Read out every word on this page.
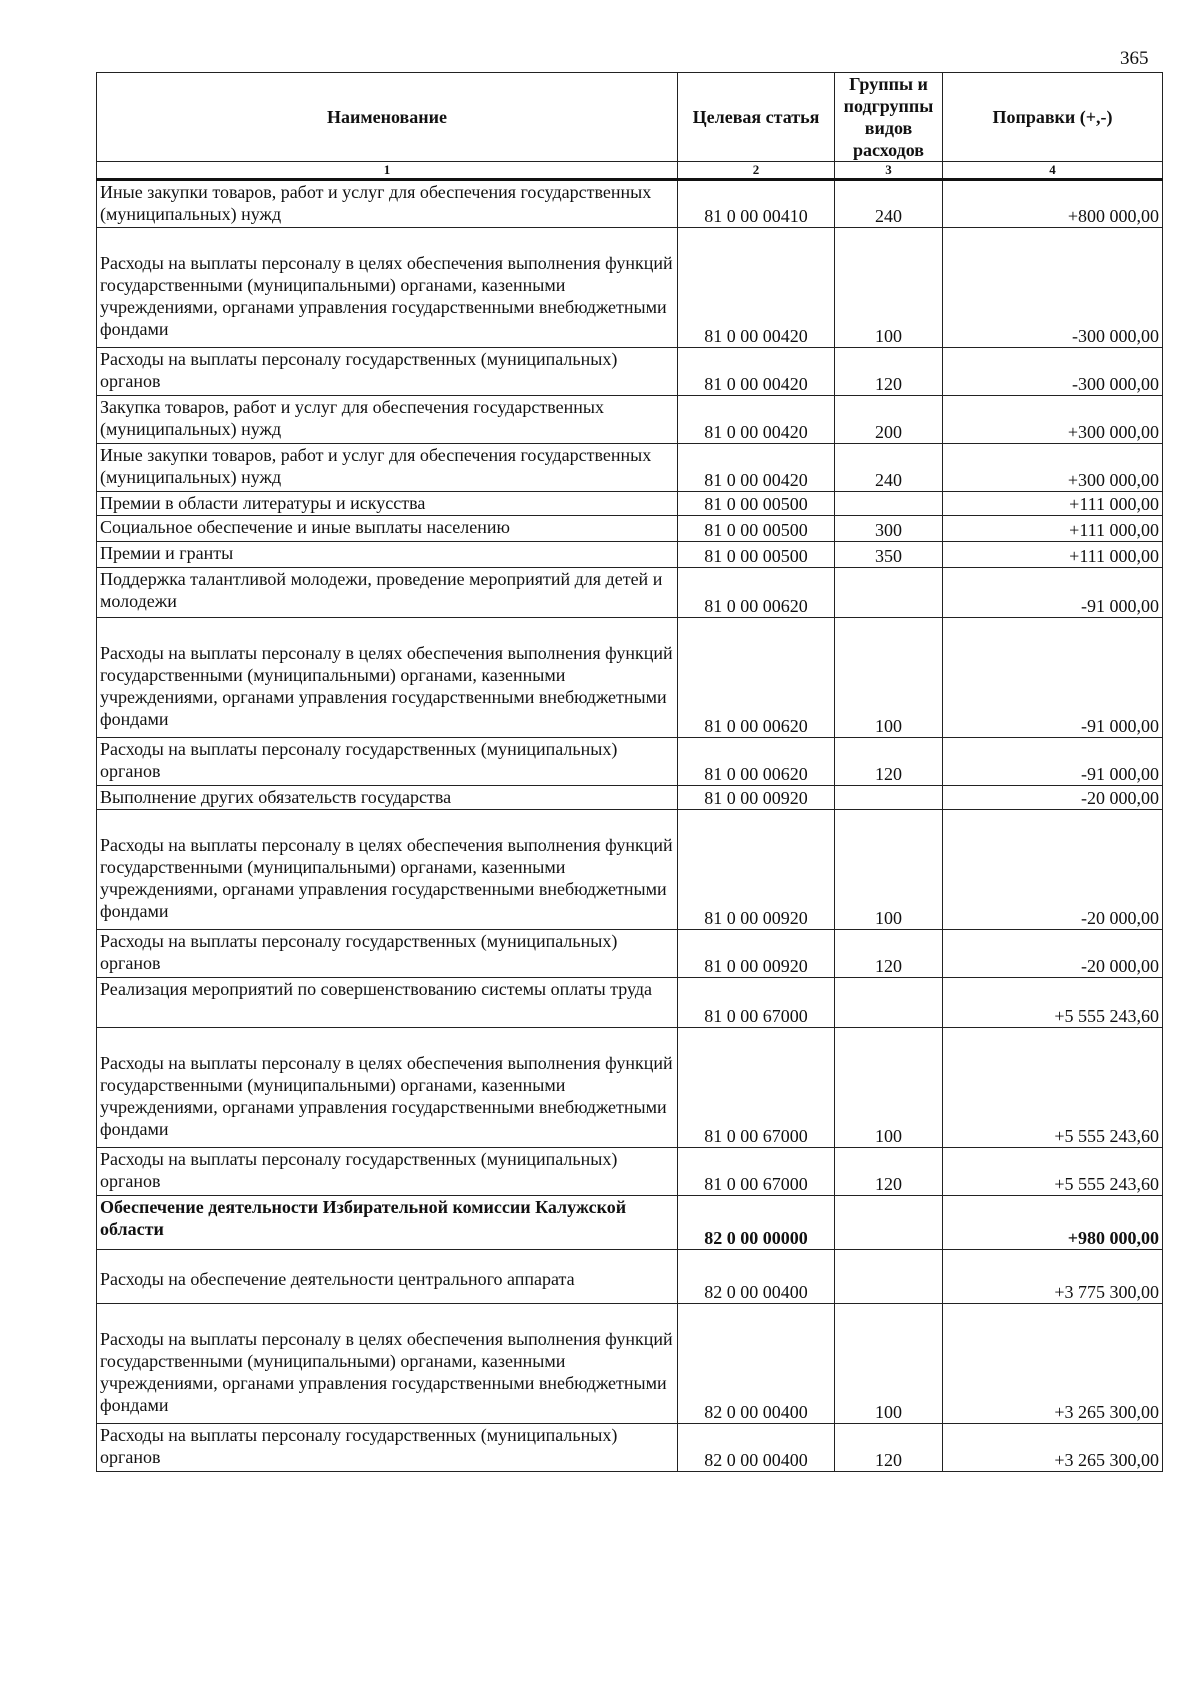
365
Наименование	Целевая статья	Группы и подгруппы видов расходов	Поправки (+,-)
1	2	3	4
Иные закупки товаров, работ и услуг для обеспечения государственных (муниципальных) нужд	81 0 00 00410	240	+800 000,00
Расходы на выплаты персоналу в целях обеспечения выполнения функций государственными (муниципальными) органами, казенными учреждениями, органами управления государственными внебюджетными фондами	81 0 00 00420	100	-300 000,00
Расходы на выплаты персоналу государственных (муниципальных) органов	81 0 00 00420	120	-300 000,00
Закупка товаров, работ и услуг для обеспечения государственных (муниципальных) нужд	81 0 00 00420	200	+300 000,00
Иные закупки товаров, работ и услуг для обеспечения государственных (муниципальных) нужд	81 0 00 00420	240	+300 000,00
Премии в области литературы и искусства	81 0 00 00500		+111 000,00
Социальное обеспечение и иные выплаты населению	81 0 00 00500	300	+111 000,00
Премии и гранты	81 0 00 00500	350	+111 000,00
Поддержка талантливой молодежи, проведение мероприятий для детей и молодежи	81 0 00 00620		-91 000,00
Расходы на выплаты персоналу в целях обеспечения выполнения функций государственными (муниципальными) органами, казенными учреждениями, органами управления государственными внебюджетными фондами	81 0 00 00620	100	-91 000,00
Расходы на выплаты персоналу государственных (муниципальных) органов	81 0 00 00620	120	-91 000,00
Выполнение других обязательств государства	81 0 00 00920		-20 000,00
Расходы на выплаты персоналу в целях обеспечения выполнения функций государственными (муниципальными) органами, казенными учреждениями, органами управления государственными внебюджетными фондами	81 0 00 00920	100	-20 000,00
Расходы на выплаты персоналу государственных (муниципальных) органов	81 0 00 00920	120	-20 000,00
Реализация мероприятий по совершенствованию системы оплаты труда	81 0 00 67000		+5 555 243,60
Расходы на выплаты персоналу в целях обеспечения выполнения функций государственными (муниципальными) органами, казенными учреждениями, органами управления государственными внебюджетными фондами	81 0 00 67000	100	+5 555 243,60
Расходы на выплаты персоналу государственных (муниципальных) органов	81 0 00 67000	120	+5 555 243,60
Обеспечение деятельности Избирательной комиссии Калужской области	82 0 00 00000		+980 000,00
Расходы на обеспечение деятельности центрального аппарата	82 0 00 00400		+3 775 300,00
Расходы на выплаты персоналу в целях обеспечения выполнения функций государственными (муниципальными) органами, казенными учреждениями, органами управления государственными внебюджетными фондами	82 0 00 00400	100	+3 265 300,00
Расходы на выплаты персоналу государственных (муниципальных) органов	82 0 00 00400	120	+3 265 300,00
